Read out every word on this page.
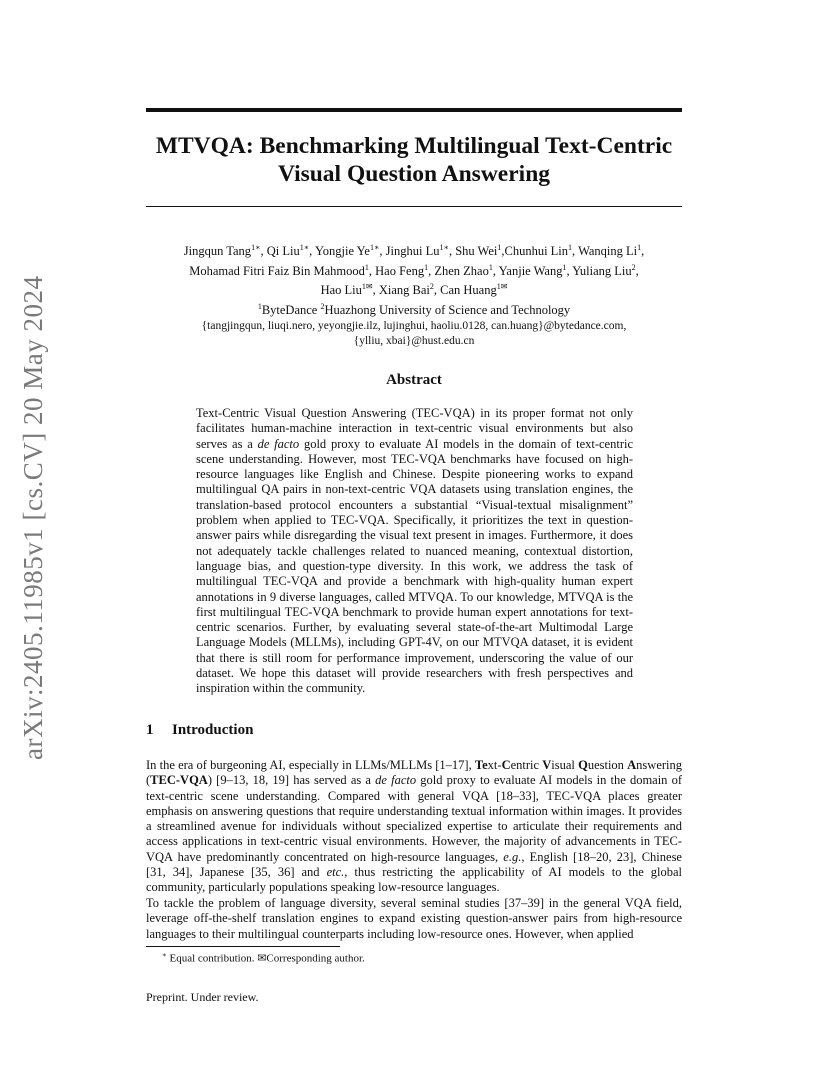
arXiv:2405.11985v1 [cs.CV] 20 May 2024
MTVQA: Benchmarking Multilingual Text-Centric
Visual Question Answering
Jingqun Tang$^{1∗}$, Qi Liu$^{1∗}$, Yongjie $Ye^{1∗}$, Jinghui $Lu^{1∗}$, Shu Wei$^1$,Chunhui Lin$^1$, Wanqing Li$^1$,
Mohamad Fitri Faiz Bin Mahmood$^1$, Hao Feng$^1$, Zhen Zhao$^1$, Yanjie Wang$^1$, Yuliang Liu$^2$,
Hao Liu$^{1✉}$, Xiang Bai$^2$, Can Huang$^{1✉}$
$^1$ByteDance $^2$Huazhong University of Science and Technology
{tangjingqun, liuqi.nero, yeyongjie.ilz, lujinghui, haoliu.0128, can.huang}@bytedance.com,
{ylliu, xbai}@hust.edu.cn
Abstract
Text-Centric Visual Question Answering (TEC-VQA) in its proper format not only facilitates human-machine interaction in text-centric visual environments but also serves as a de facto gold proxy to evaluate AI models in the domain of text-centric scene understanding. However, most TEC-VQA benchmarks have focused on high-resource languages like English and Chinese. Despite pioneering works to expand multilingual QA pairs in non-text-centric VQA datasets using translation engines, the translation-based protocol encounters a substantial “Visual-textual misalignment” problem when applied to TEC-VQA. Specifically, it prioritizes the text in question-answer pairs while disregarding the visual text present in images. Furthermore, it does not adequately tackle challenges related to nuanced meaning, contextual distortion, language bias, and question-type diversity. In this work, we address the task of multilingual TEC-VQA and provide a benchmark with high-quality human expert annotations in 9 diverse languages, called MTVQA. To our knowledge, MTVQA is the first multilingual TEC-VQA benchmark to provide human expert annotations for text-centric scenarios. Further, by evaluating several state-of-the-art Multimodal Large Language Models (MLLMs), including GPT-4V, on our MTVQA dataset, it is evident that there is still room for performance improvement, underscoring the value of our dataset. We hope this dataset will provide researchers with fresh perspectives and inspiration within the community.
1 Introduction
In the era of burgeoning AI, especially in LLMs/MLLMs [1–17], Text-Centric Visual Question Answering (TEC-VQA) [9–13, 18, 19] has served as a de facto gold proxy to evaluate AI models in the domain of text-centric scene understanding. Compared with general VQA [18–33], TEC-VQA places greater emphasis on answering questions that require understanding textual information within images. It provides a streamlined avenue for individuals without specialized expertise to articulate their requirements and access applications in text-centric visual environments. However, the majority of advancements in TEC-VQA have predominantly concentrated on high-resource languages, e.g., English [18–20, 23], Chinese [31, 34], Japanese [35, 36] and etc., thus restricting the applicability of AI models to the global community, particularly populations speaking low-resource languages.
To tackle the problem of language diversity, several seminal studies [37–39] in the general VQA field, leverage off-the-shelf translation engines to expand existing question-answer pairs from high-resource languages to their multilingual counterparts including low-resource ones. However, when applied
∗ Equal contribution. ✉Corresponding author.
Preprint. Under review.
